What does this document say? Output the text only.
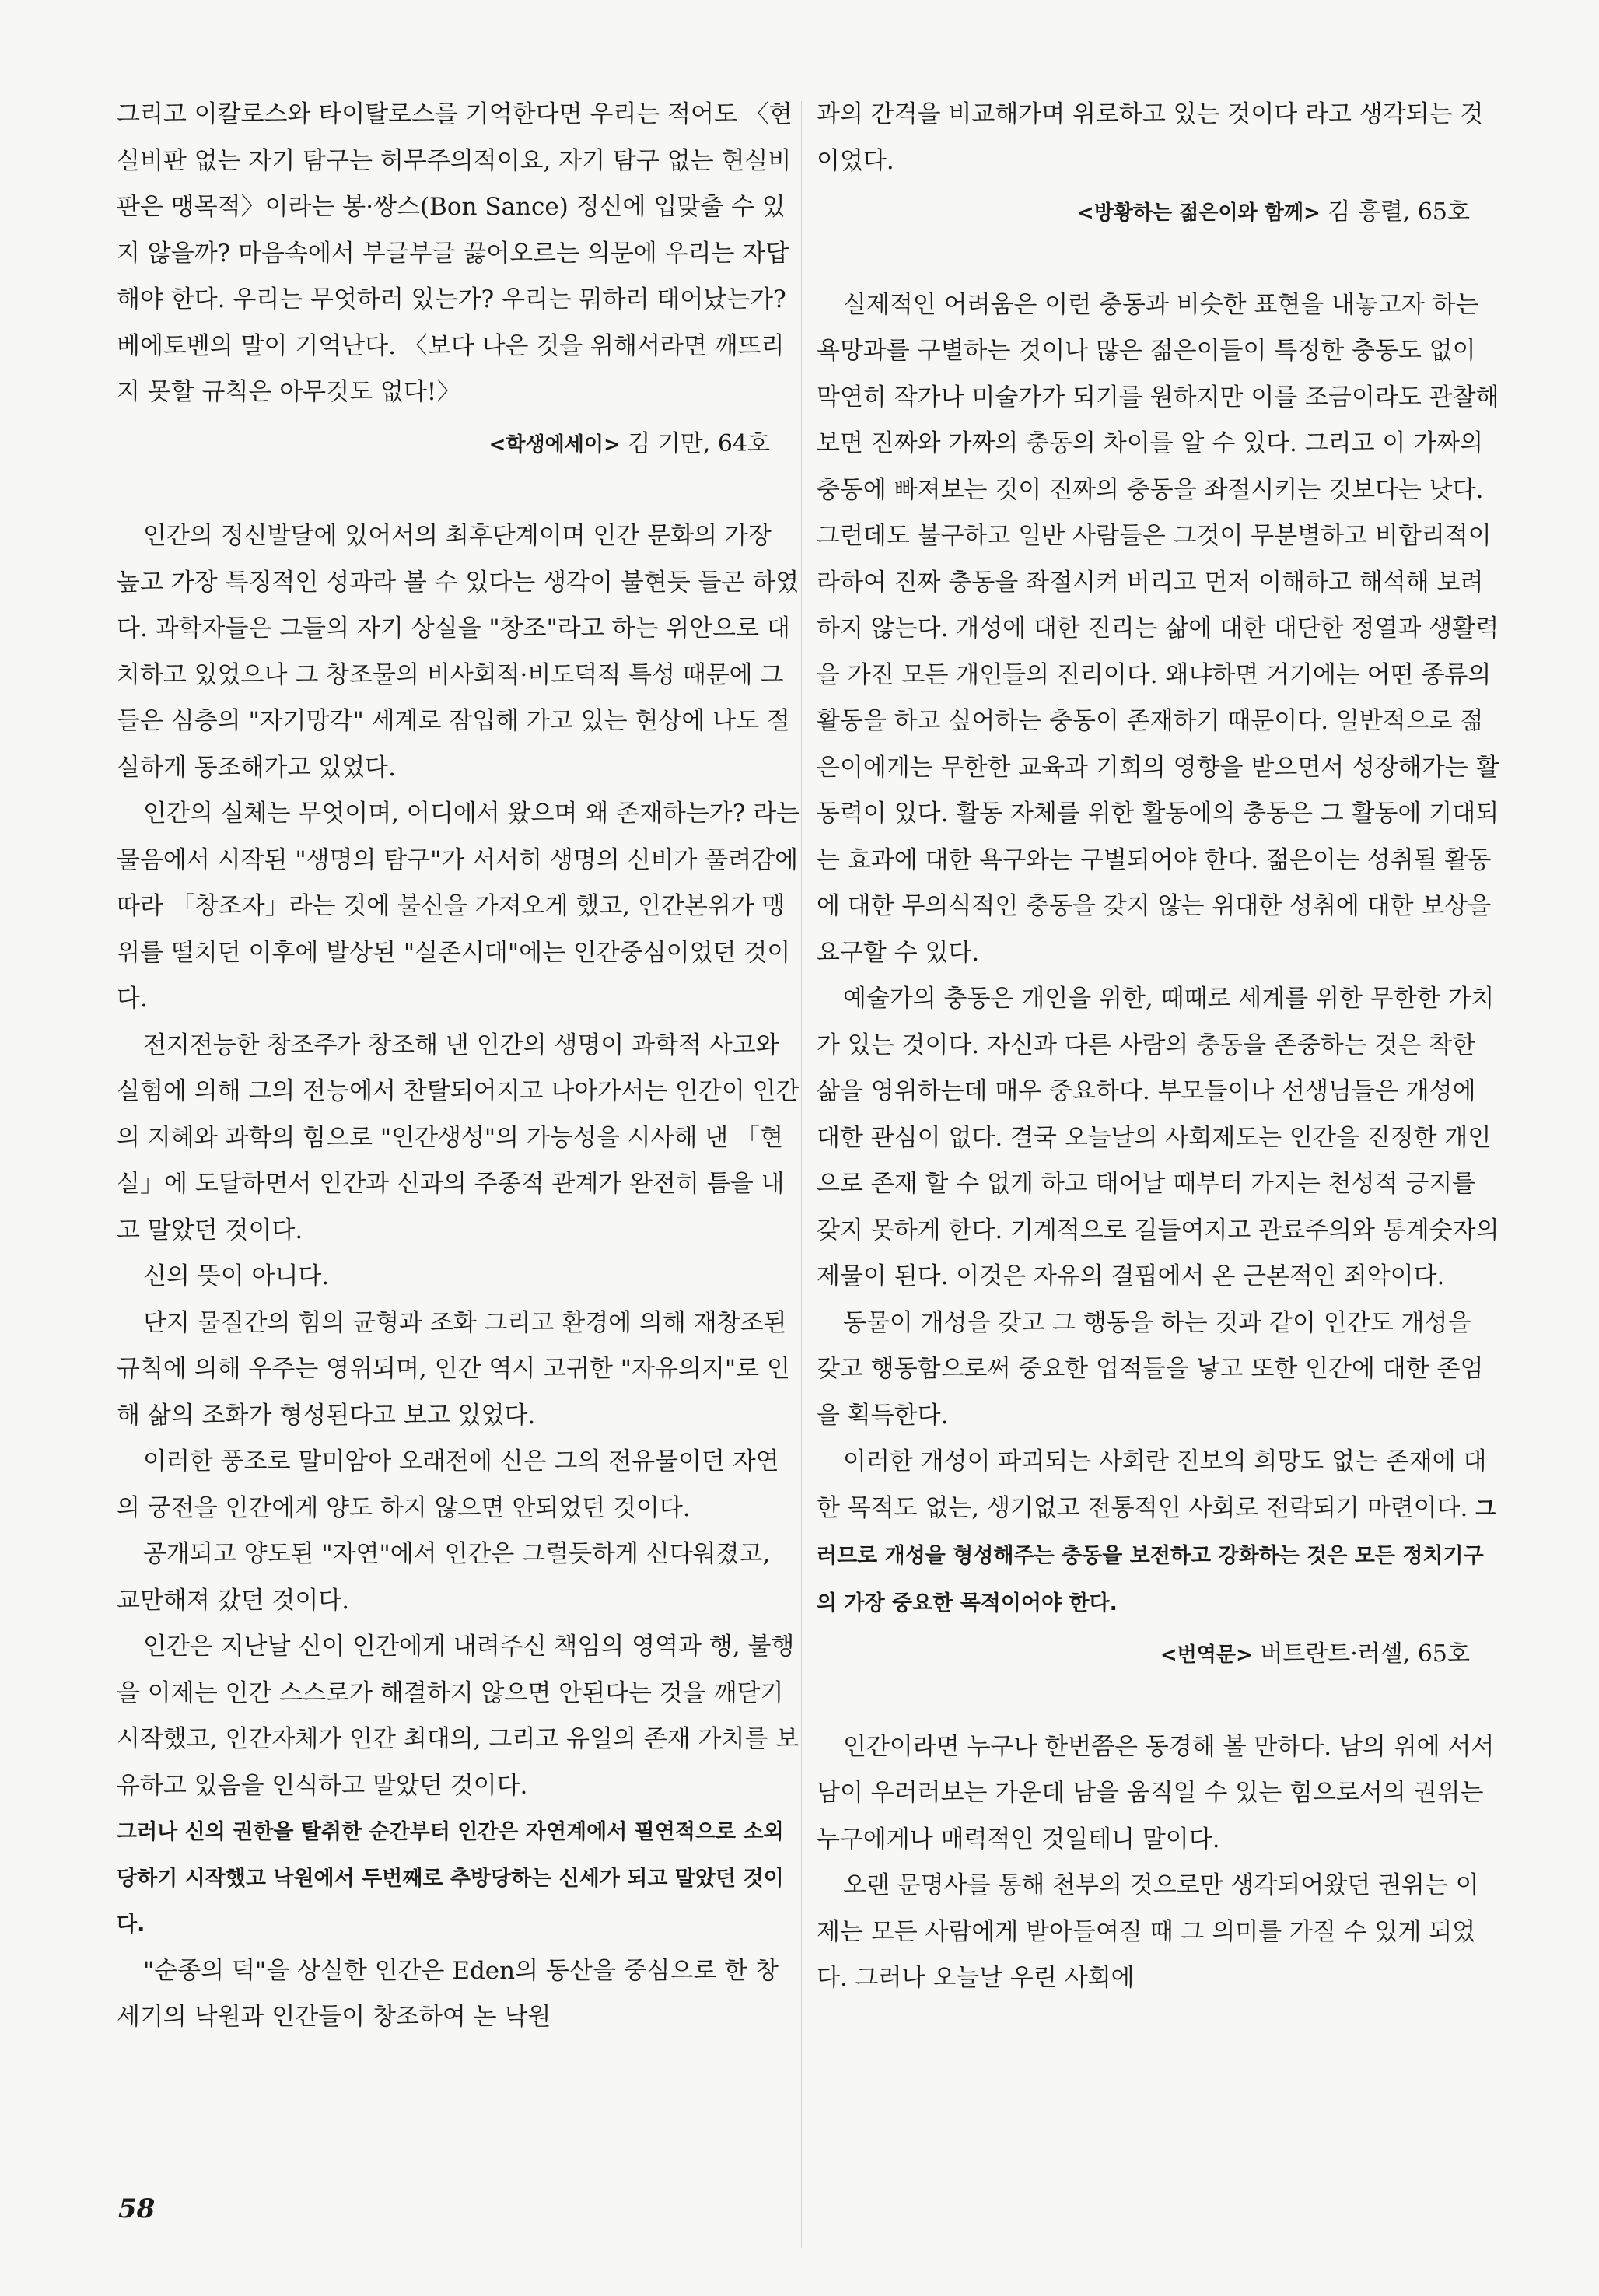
그리고 이칼로스와 타이탈로스를 기억한다면 우리는 적어도 〈현실비판 없는 자기 탐구는 허무주의적이요, 자기 탐구 없는 현실비판은 맹목적〉이라는 봉·쌍스(Bon Sance) 정신에 입맞출 수 있지 않을까? 마음속에서 부글부글 끓어오르는 의문에 우리는 자답해야 한다. 우리는 무엇하러 있는가? 우리는 뭐하러 태어났는가? 베에토벤의 말이 기억난다. 〈보다 나은 것을 위해서라면 깨뜨리지 못할 규칙은 아무것도 없다!〉

<학생에세이> 김 기만, 64호

인간의 정신발달에 있어서의 최후단계이며 인간 문화의 가장 높고 가장 특징적인 성과라 볼 수 있다는 생각이 불현듯 들곤 하였다. 과학자들은 그들의 자기 상실을 "창조"라고 하는 위안으로 대치하고 있었으나 그 창조물의 비사회적·비도덕적 특성 때문에 그들은 심층의 "자기망각" 세계로 잠입해 가고 있는 현상에 나도 절실하게 동조해가고 있었다.

인간의 실체는 무엇이며, 어디에서 왔으며 왜 존재하는가? 라는 물음에서 시작된 "생명의 탐구"가 서서히 생명의 신비가 풀려감에 따라 「창조자」라는 것에 불신을 가져오게 했고, 인간본위가 맹위를 떨치던 이후에 발상된 "실존시대"에는 인간중심이었던 것이다.

전지전능한 창조주가 창조해 낸 인간의 생명이 과학적 사고와 실험에 의해 그의 전능에서 찬탈되어지고 나아가서는 인간이 인간의 지혜와 과학의 힘으로 "인간생성"의 가능성을 시사해 낸 「현실」에 도달하면서 인간과 신과의 주종적 관계가 완전히 틈을 내고 말았던 것이다.

신의 뜻이 아니다.

단지 물질간의 힘의 균형과 조화 그리고 환경에 의해 재창조된 규칙에 의해 우주는 영위되며, 인간 역시 고귀한 "자유의지"로 인해 삶의 조화가 형성된다고 보고 있었다.

이러한 풍조로 말미암아 오래전에 신은 그의 전유물이던 자연의 궁전을 인간에게 양도 하지 않으면 안되었던 것이다.

공개되고 양도된 "자연"에서 인간은 그럴듯하게 신다워졌고, 교만해져 갔던 것이다.

인간은 지난날 신이 인간에게 내려주신 책임의 영역과 행, 불행을 이제는 인간 스스로가 해결하지 않으면 안된다는 것을 깨닫기 시작했고, 인간자체가 인간 최대의, 그리고 유일의 존재 가치를 보유하고 있음을 인식하고 말았던 것이다.

그러나 신의 권한을 탈취한 순간부터 인간은 자연계에서 필연적으로 소외당하기 시작했고 낙원에서 두번째로 추방당하는 신세가 되고 말았던 것이다.

"순종의 덕"을 상실한 인간은 Eden의 동산을 중심으로 한 창세기의 낙원과 인간들이 창조하여 논 낙원

과의 간격을 비교해가며 위로하고 있는 것이다 라고 생각되는 것이었다.

<방황하는 젊은이와 함께> 김 흥렬, 65호

실제적인 어려움은 이런 충동과 비슷한 표현을 내놓고자 하는 욕망과를 구별하는 것이나 많은 젊은이들이 특정한 충동도 없이 막연히 작가나 미술가가 되기를 원하지만 이를 조금이라도 관찰해 보면 진짜와 가짜의 충동의 차이를 알 수 있다. 그리고 이 가짜의 충동에 빠져보는 것이 진짜의 충동을 좌절시키는 것보다는 낫다. 그런데도 불구하고 일반 사람들은 그것이 무분별하고 비합리적이라하여 진짜 충동을 좌절시켜 버리고 먼저 이해하고 해석해 보려 하지 않는다. 개성에 대한 진리는 삶에 대한 대단한 정열과 생활력을 가진 모든 개인들의 진리이다. 왜냐하면 거기에는 어떤 종류의 활동을 하고 싶어하는 충동이 존재하기 때문이다. 일반적으로 젊은이에게는 무한한 교육과 기회의 영향을 받으면서 성장해가는 활동력이 있다. 활동 자체를 위한 활동에의 충동은 그 활동에 기대되는 효과에 대한 욕구와는 구별되어야 한다. 젊은이는 성취될 활동에 대한 무의식적인 충동을 갖지 않는 위대한 성취에 대한 보상을 요구할 수 있다.

예술가의 충동은 개인을 위한, 때때로 세계를 위한 무한한 가치가 있는 것이다. 자신과 다른 사람의 충동을 존중하는 것은 착한 삶을 영위하는데 매우 중요하다. 부모들이나 선생님들은 개성에 대한 관심이 없다. 결국 오늘날의 사회제도는 인간을 진정한 개인으로 존재 할 수 없게 하고 태어날 때부터 가지는 천성적 긍지를 갖지 못하게 한다. 기계적으로 길들여지고 관료주의와 통계숫자의 제물이 된다. 이것은 자유의 결핍에서 온 근본적인 죄악이다.

동물이 개성을 갖고 그 행동을 하는 것과 같이 인간도 개성을 갖고 행동함으로써 중요한 업적들을 낳고 또한 인간에 대한 존엄을 획득한다.

이러한 개성이 파괴되는 사회란 진보의 희망도 없는 존재에 대한 목적도 없는, 생기없고 전통적인 사회로 전락되기 마련이다. 그러므로 개성을 형성해주는 충동을 보전하고 강화하는 것은 모든 정치기구의 가장 중요한 목적이어야 한다.

<번역문> 버트란트·러셀, 65호

인간이라면 누구나 한번쯤은 동경해 볼 만하다. 남의 위에 서서 남이 우러러보는 가운데 남을 움직일 수 있는 힘으로서의 권위는 누구에게나 매력적인 것일테니 말이다.

오랜 문명사를 통해 천부의 것으로만 생각되어왔던 권위는 이제는 모든 사람에게 받아들여질 때 그 의미를 가질 수 있게 되었다. 그러나 오늘날 우린 사회에

58
